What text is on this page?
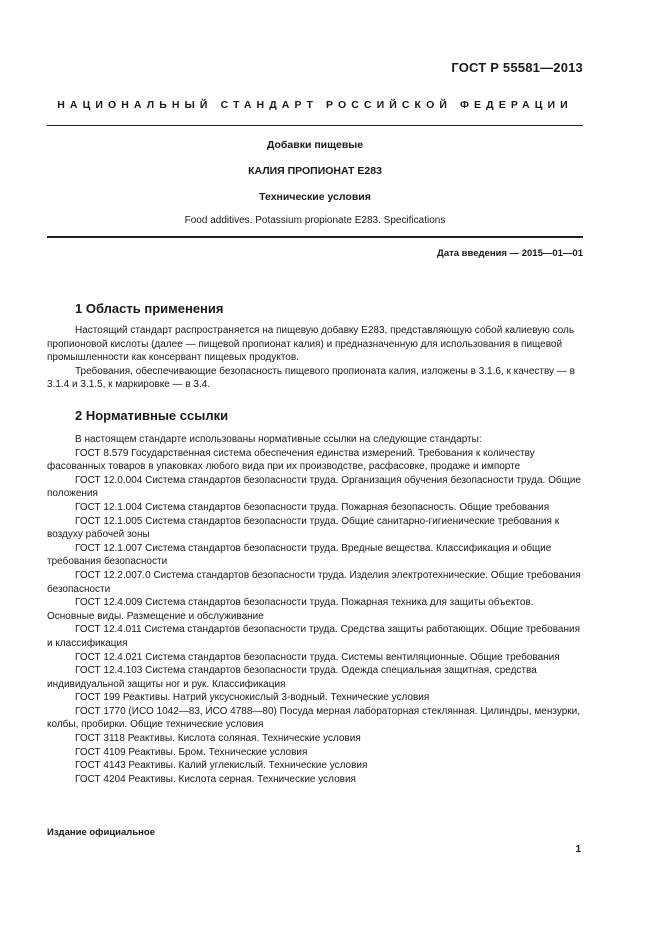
ГОСТ Р 55581—2013
НАЦИОНАЛЬНЫЙ СТАНДАРТ РОССИЙСКОЙ ФЕДЕРАЦИИ
Добавки пищевые
КАЛИЯ ПРОПИОНАТ Е283
Технические условия
Food additives. Potassium propionate E283. Specifications
Дата введения — 2015—01—01
1 Область применения

Настоящий стандарт распространяется на пищевую добавку Е283, представляющую собой калиевую соль пропионовой кислоты (далее — пищевой пропионат калия) и предназначенную для использования в пищевой промышленности как консервант пищевых продуктов.

Требования, обеспечивающие безопасность пищевого пропионата калия, изложены в 3.1.6, к качеству — в 3.1.4 и 3.1.5, к маркировке — в 3.4.

2 Нормативные ссылки

В настоящем стандарте использованы нормативные ссылки на следующие стандарты:

ГОСТ 8.579 Государственная система обеспечения единства измерений. Требования к количеству фасованных товаров в упаковках любого вида при их производстве, расфасовке, продаже и импорте

ГОСТ 12.0.004 Система стандартов безопасности труда. Организация обучения безопасности труда. Общие положения

ГОСТ 12.1.004 Система стандартов безопасности труда. Пожарная безопасность. Общие требования

ГОСТ 12.1.005 Система стандартов безопасности труда. Общие санитарно-гигиенические требования к воздуху рабочей зоны

ГОСТ 12.1.007 Система стандартов безопасности труда. Вредные вещества. Классификация и общие требования безопасности

ГОСТ 12.2.007.0 Система стандартов безопасности труда. Изделия электротехнические. Общие требования безопасности

ГОСТ 12.4.009 Система стандартов безопасности труда. Пожарная техника для защиты объектов. Основные виды. Размещение и обслуживание

ГОСТ 12.4.011 Система стандартов безопасности труда. Средства защиты работающих. Общие требования и классификация

ГОСТ 12.4.021 Система стандартов безопасности труда. Системы вентиляционные. Общие требования

ГОСТ 12.4.103 Система стандартов безопасности труда. Одежда специальная защитная, средства индивидуальной защиты ног и рук. Классификация

ГОСТ 199 Реактивы. Натрий уксуснокислый 3-водный. Технические условия

ГОСТ 1770 (ИСО 1042—83, ИСО 4788—80) Посуда мерная лабораторная стеклянная. Цилиндры, мензурки, колбы, пробирки. Общие технические условия

ГОСТ 3118 Реактивы. Кислота соляная. Технические условия

ГОСТ 4109 Реактивы. Бром. Технические условия

ГОСТ 4143 Реактивы. Калий углекислый. Технические условия

ГОСТ 4204 Реактивы. Кислота серная. Технические условия

Издание официальное
1
